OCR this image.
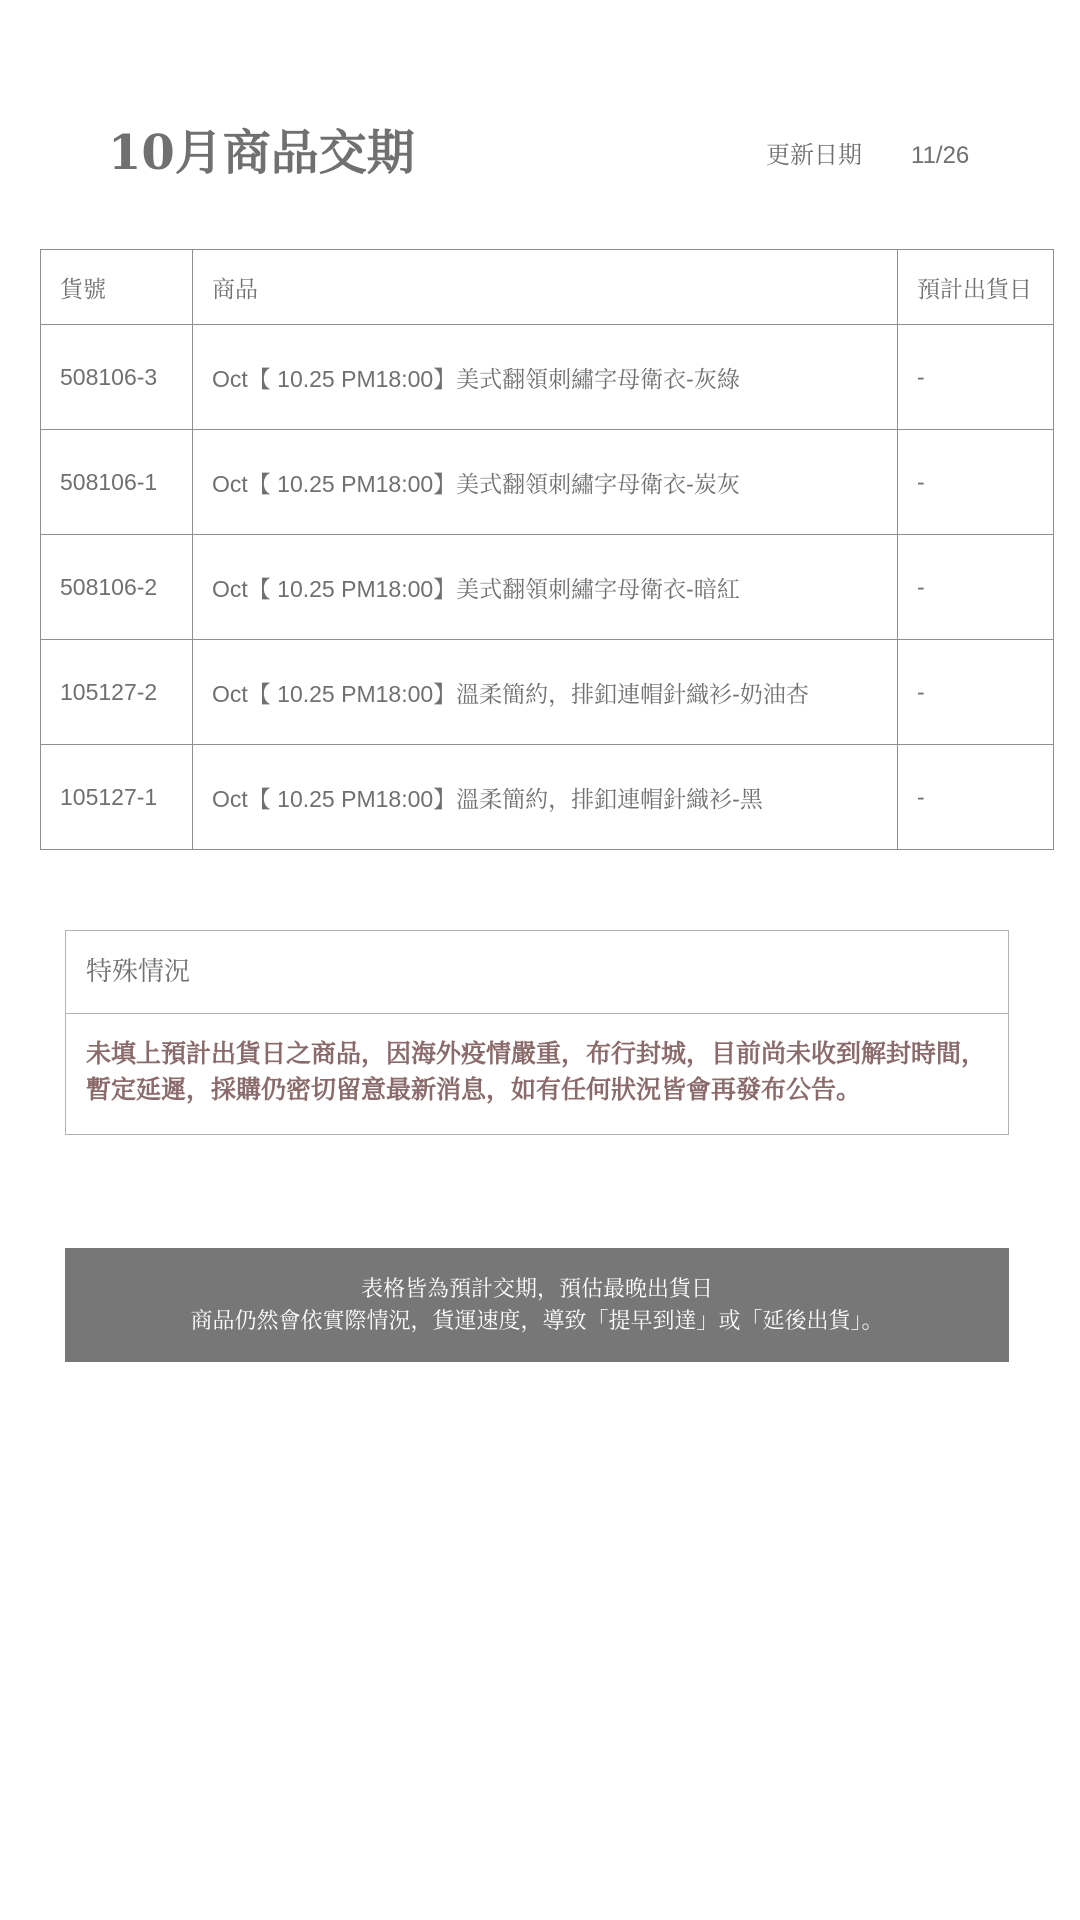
10月商品交期	更新日期 11/26
貨號	商品	預計出貨日
508106-3	Oct【 10.25 PM18:00】美式翻領刺繡字母衛衣-灰綠	-
508106-1	Oct【 10.25 PM18:00】美式翻領刺繡字母衛衣-炭灰	-
508106-2	Oct【 10.25 PM18:00】美式翻領刺繡字母衛衣-暗紅	-
105127-2	Oct【 10.25 PM18:00】溫柔簡約，排釦連帽針織衫-奶油杏	-
105127-1	Oct【 10.25 PM18:00】溫柔簡約，排釦連帽針織衫-黑	-
特殊情況
未填上預計出貨日之商品，因海外疫情嚴重，布行封城，目前尚未收到解封時間，暫定延遲，採購仍密切留意最新消息，如有任何狀況皆會再發布公告。
表格皆為預計交期，預估最晚出貨日
商品仍然會依實際情況，貨運速度，導致「提早到達」或「延後出貨」。
